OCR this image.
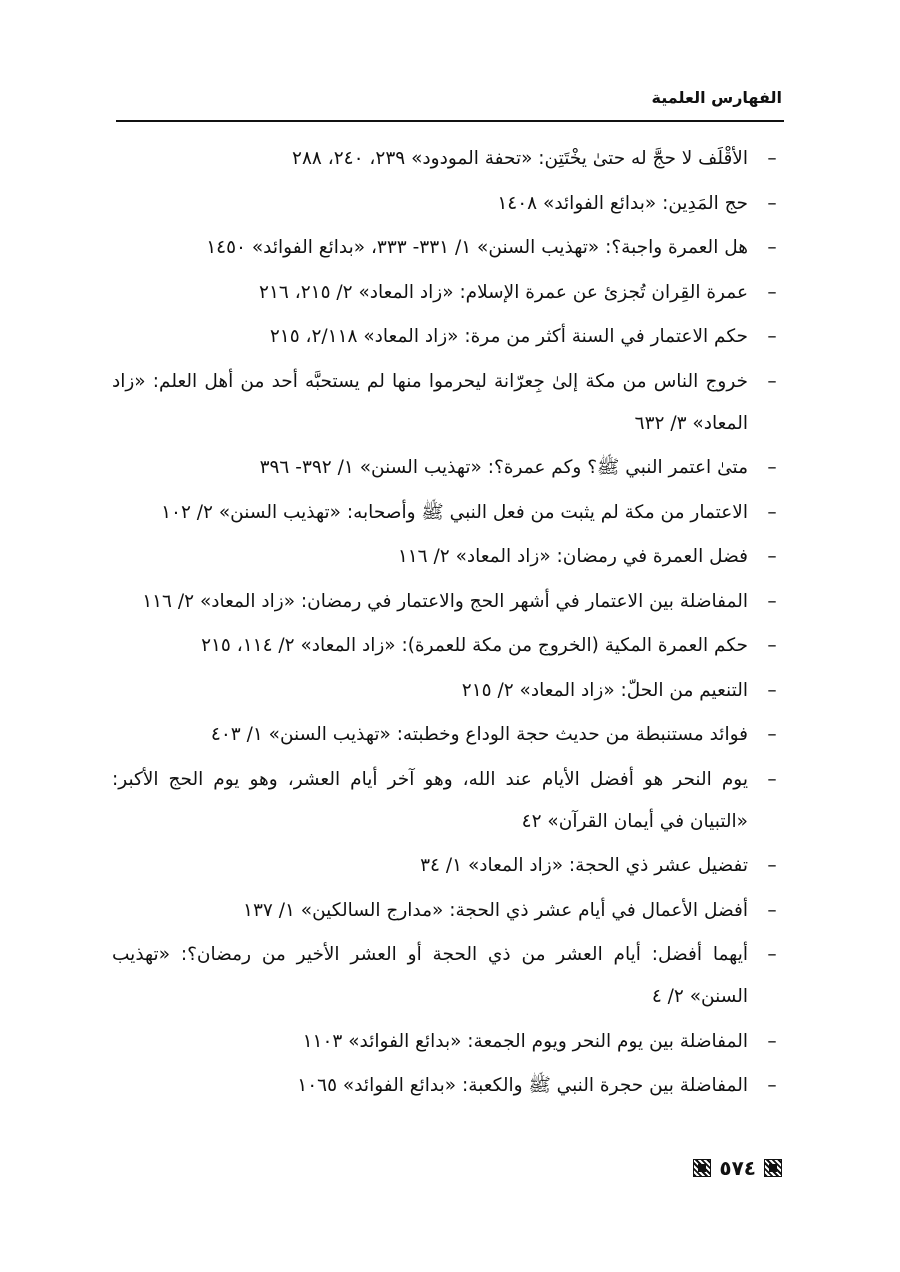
الفهارس العلمية
–
الأقْلَف لا حجَّ له حتىٰ يخْتَتِن: «تحفة المودود» ٢٣٩، ٢٤٠، ٢٨٨
–
حج المَدِين: «بدائع الفوائد» ١٤٠٨
–
هل العمرة واجبة؟: «تهذيب السنن» ١/ ٣٣١- ٣٣٣، «بدائع الفوائد» ١٤٥٠
–
عمرة القِران تُجزئ عن عمرة الإسلام: «زاد المعاد» ٢/ ٢١٥، ٢١٦
–
حكم الاعتمار في السنة أكثر من مرة: «زاد المعاد» ٢/١١٨، ٢١٥
–
خروج الناس من مكة إلىٰ جِعرّانة ليحرموا منها لم يستحبَّه أحد من أهل العلم: «زاد المعاد» ٣/ ٦٣٢
–
متىٰ اعتمر النبي ﷺ؟ وكم عمرة؟: «تهذيب السنن» ١/ ٣٩٢- ٣٩٦
–
الاعتمار من مكة لم يثبت من فعل النبي ﷺ وأصحابه: «تهذيب السنن» ٢/ ١٠٢
–
فضل العمرة في رمضان: «زاد المعاد» ٢/ ١١٦
–
المفاضلة بين الاعتمار في أشهر الحج والاعتمار في رمضان: «زاد المعاد» ٢/ ١١٦
–
حكم العمرة المكية (الخروج من مكة للعمرة): «زاد المعاد» ٢/ ١١٤، ٢١٥
–
التنعيم من الحلّ: «زاد المعاد» ٢/ ٢١٥
–
فوائد مستنبطة من حديث حجة الوداع وخطبته: «تهذيب السنن» ١/ ٤٠٣
–
يوم النحر هو أفضل الأيام عند الله، وهو آخر أيام العشر، وهو يوم الحج الأكبر: «التبيان في أيمان القرآن» ٤٢
–
تفضيل عشر ذي الحجة: «زاد المعاد» ١/ ٣٤
–
أفضل الأعمال في أيام عشر ذي الحجة: «مدارج السالكين» ١/ ١٣٧
–
أيهما أفضل: أيام العشر من ذي الحجة أو العشر الأخير من رمضان؟: «تهذيب السنن» ٢/ ٤
–
المفاضلة بين يوم النحر ويوم الجمعة: «بدائع الفوائد» ١١٠٣
–
المفاضلة بين حجرة النبي ﷺ والكعبة: «بدائع الفوائد» ١٠٦٥
٥٧٤
